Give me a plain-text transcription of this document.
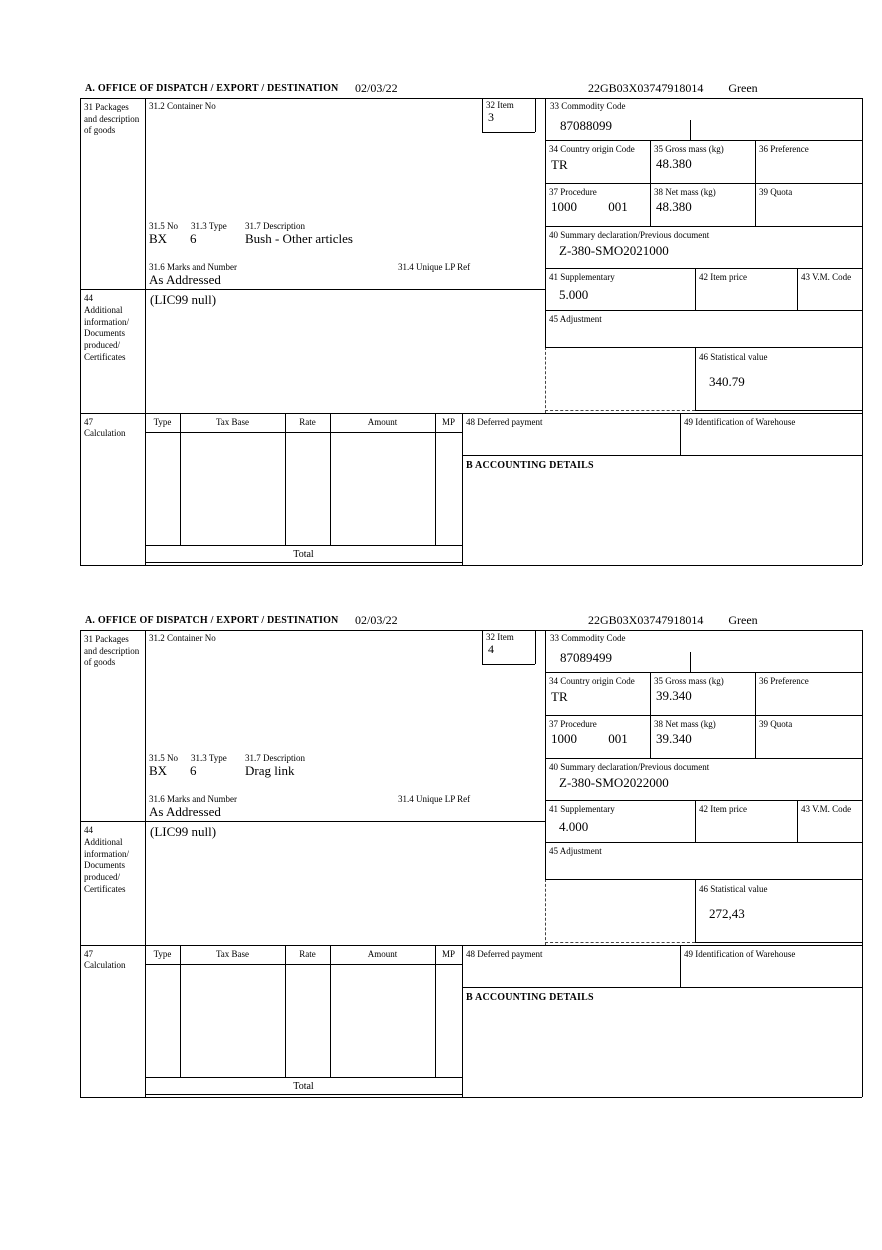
A. OFFICE OF DISPATCH / EXPORT / DESTINATION 02/03/22	22GB03X03747918014 Green
31 Packages and description of goods
31.2 Container No	32 Item
3
31.5 No 31.3 Type 31.7 Description
BX 6	Bush - Other articles
31.6 Marks and Number	31.4 Unique LP Ref
As Addressed
(LIC99 null)
33 Commodity Code
87088099
34 Country origin Code
TR
35 Gross mass (kg)
48.380
36 Preference
37 Procedure
1000 001
38 Net mass (kg)
48.380
39 Quota
40 Summary declaration/Previous document
Z-380-SMO2021000
41 Supplementary
5.000
42 Item price	43 V.M. Code
45 Adjustment
46 Statistical value
340.79
44
Additional information/ Documents produced/ Certificates
47
Calculation
Type	Tax Base	Rate	Amount	MP
Total
48 Deferred payment	49 Identification of Warehouse
B ACCOUNTING DETAILS
A. OFFICE OF DISPATCH / EXPORT / DESTINATION 02/03/22	22GB03X03747918014 Green
31 Packages and description of goods
31.2 Container No	32 Item
4
31.5 No 31.3 Type 31.7 Description
BX 6	Drag link
31.6 Marks and Number	31.4 Unique LP Ref
As Addressed
(LIC99 null)
33 Commodity Code
87089499
34 Country origin Code
TR
35 Gross mass (kg)
39.340
36 Preference
37 Procedure
1000 001
38 Net mass (kg)
39.340
39 Quota
40 Summary declaration/Previous document
Z-380-SMO2022000
41 Supplementary
4.000
42 Item price	43 V.M. Code
45 Adjustment
46 Statistical value
272,43
44
Additional information/ Documents produced/ Certificates
47
Calculation
Type	Tax Base	Rate	Amount	MP
Total
48 Deferred payment	49 Identification of Warehouse
B ACCOUNTING DETAILS
